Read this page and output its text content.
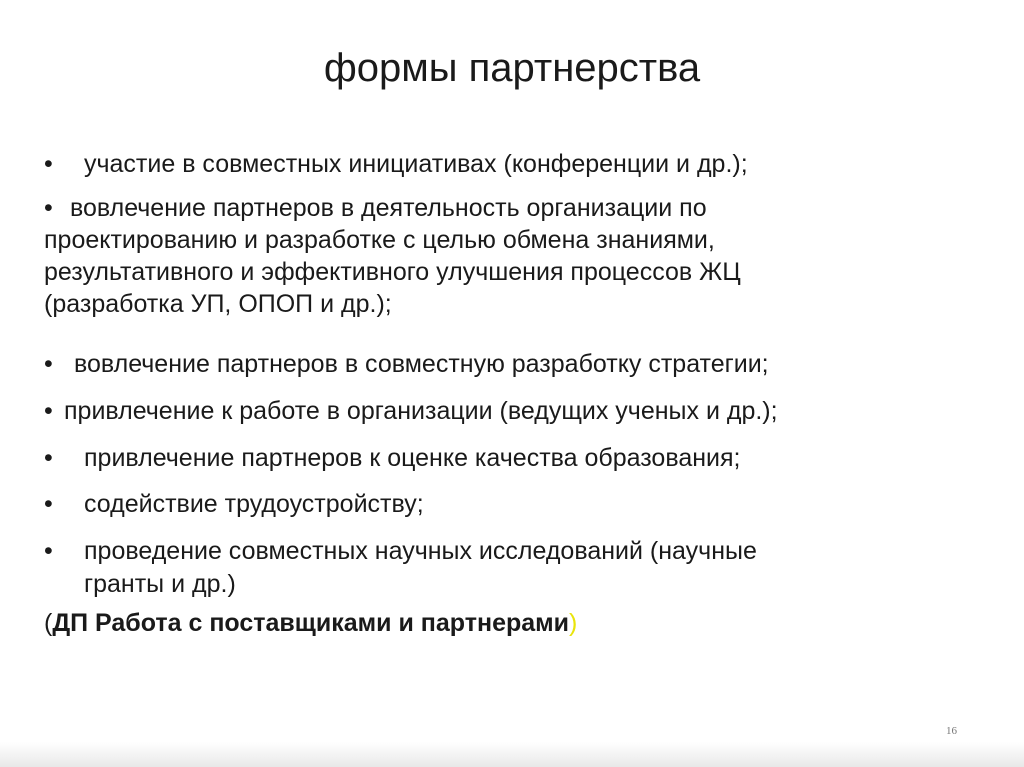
формы партнерства
•	участие в совместных инициативах (конференции и др.);
• вовлечение партнеров в деятельность организации по
проектированию и разработке с целью обмена знаниями,
результативного и эффективного улучшения процессов ЖЦ
(разработка УП, ОПОП и др.);
• вовлечение партнеров в совместную разработку стратегии;
• привлечение к работе в организации (ведущих ученых и др.);
•	привлечение партнеров к оценке качества образования;
•	содействие трудоустройству;
•	проведение совместных научных исследований (научные
гранты и др.)
(ДП Работа с поставщиками и партнерами)
16
